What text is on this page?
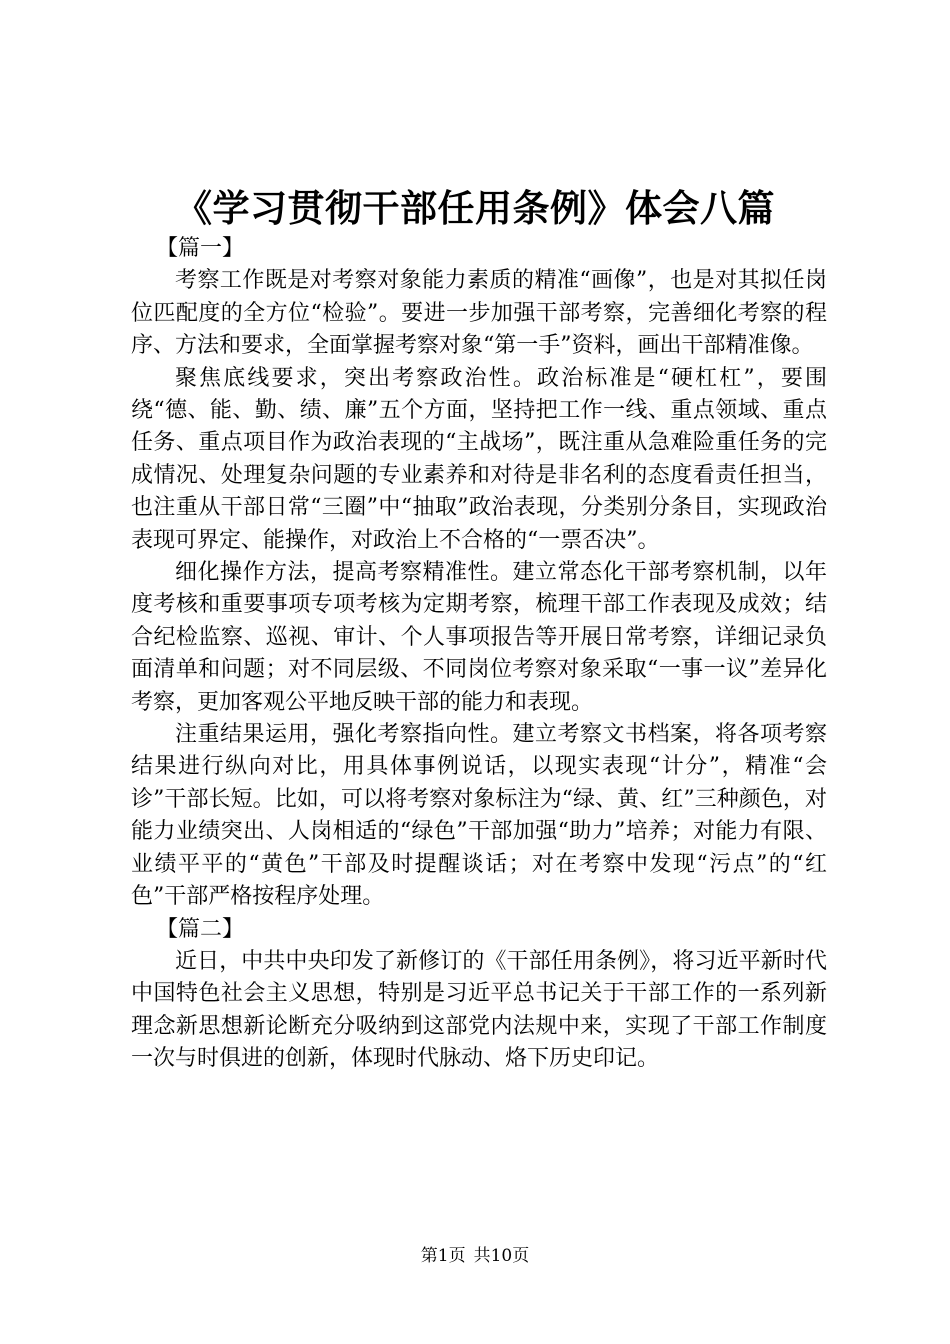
《学习贯彻干部任用条例》体会八篇

【篇一】

考察工作既是对考察对象能力素质的精准“画像”，也是对其拟任岗位匹配度的全方位“检验”。要进一步加强干部考察，完善细化考察的程序、方法和要求，全面掌握考察对象“第一手”资料，画出干部精准像。

聚焦底线要求，突出考察政治性。政治标准是“硬杠杠”，要围绕“德、能、勤、绩、廉”五个方面，坚持把工作一线、重点领域、重点任务、重点项目作为政治表现的“主战场”，既注重从急难险重任务的完成情况、处理复杂问题的专业素养和对待是非名利的态度看责任担当，也注重从干部日常“三圈”中“抽取”政治表现，分类别分条目，实现政治表现可界定、能操作，对政治上不合格的“一票否决”。

细化操作方法，提高考察精准性。建立常态化干部考察机制，以年度考核和重要事项专项考核为定期考察，梳理干部工作表现及成效；结合纪检监察、巡视、审计、个人事项报告等开展日常考察，详细记录负面清单和问题；对不同层级、不同岗位考察对象采取“一事一议”差异化考察，更加客观公平地反映干部的能力和表现。

注重结果运用，强化考察指向性。建立考察文书档案，将各项考察结果进行纵向对比，用具体事例说话，以现实表现“计分”，精准“会诊”干部长短。比如，可以将考察对象标注为“绿、黄、红”三种颜色，对能力业绩突出、人岗相适的“绿色”干部加强“助力”培养；对能力有限、业绩平平的“黄色”干部及时提醒谈话；对在考察中发现“污点”的“红色”干部严格按程序处理。

【篇二】

近日，中共中央印发了新修订的《干部任用条例》，将习近平新时代中国特色社会主义思想，特别是习近平总书记关于干部工作的一系列新理念新思想新论断充分吸纳到这部党内法规中来，实现了干部工作制度一次与时俱进的创新，体现时代脉动、烙下历史印记。

第1页 共10页
